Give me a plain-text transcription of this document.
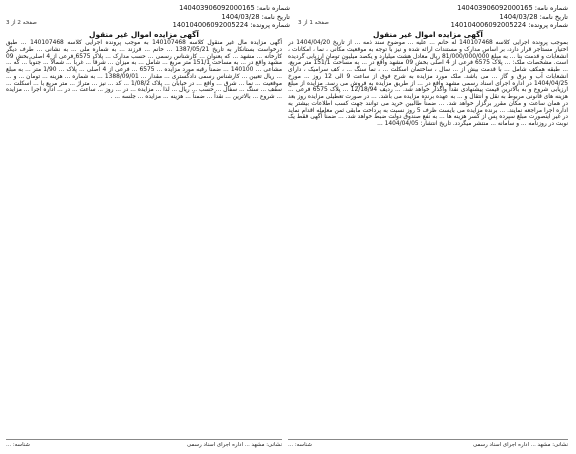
شماره نامه: 140403906092000165
تاریخ نامه: 1404/03/28
شماره پرونده: 140104006092005224
صفحه 1 از 3
شماره نامه: 140403906092000165
تاریخ نامه: 1404/03/28
شماره پرونده: 140104006092005224
صفحه 2 از 3
آگهی مزایده اموال غیر منقول

بموجب پرونده اجرایی کلاسه 140107468 له خانم ... علیه ... موضوع سند ذمه ... از تاریخ 1404/04/20 در اختیار مستاجر قرار دارد، بر اساس مدارک و مستندات ارائه شده و نیز با توجه به موقعیت مکانی ، نما ، امکانات ، انشعابات و قدمت بنا ... به مبلغ 81/000/000/000 ریال معادل هشت میلیارد و یکصد میلیون تومان ارزیابی گردیده است. مشخصات ملک: ... پلاک 6575 فرعی از 4 اصلی بخش 09 مشهد واقع در ... به مساحت 151/1 متر مربع، ... طبقه همکف شامل ... با قدمت بیش از ... سال ، ساختمان اسکلت ... ، نما سنگ ... ، کف سرامیک ، دارای انشعابات آب و برق و گاز ... می باشد. ملک مورد مزایده به شرح فوق از ساعت 9 الی 12 روز ... مورخ 1404/04/25 در اداره اجرای اسناد رسمی مشهد واقع در ... از طریق مزایده به فروش می رسد. مزایده از مبلغ ارزیابی شروع و به بالاترین قیمت پیشنهادی نقداً واگذار خواهد شد. ... ردیف 12/18/94 ... پلاک 6575 فرعی ... هزینه های قانونی مربوط به نقل و انتقال و ... به عهده برنده مزایده می باشد. ... در صورت تعطیلی مزایده روز بعد در همان ساعت و مکان مقرر برگزار خواهد شد. ... ضمناً طالبین خرید می توانند جهت کسب اطلاعات بیشتر به اداره اجرا مراجعه نمایند. ... برنده مزایده می بایست ظرف 5 روز نسبت به پرداخت مابقی ثمن معامله اقدام نماید در غیر اینصورت مبلغ سپرده پس از کسر هزینه ها ... به نفع صندوق دولت ضبط خواهد شد. ... ضمناً آگهی فقط یک نوبت در روزنامه ... و سامانه ... منتشر میگردد. تاریخ انتشار: 1404/04/05 ...

آگهی مزایده اموال غیر منقول

آگهی مزایده مال غیر منقول کلاسه 140107468 به موجب پرونده اجرایی کلاسه 140107468 ... طبق درخواست بستانکار به تاریخ 1387/05/21 ... خانم ... فرزند ... به شماره ملی ... به نشانی ... طرف دیگر کارخانه ... مشهد ... که بعنوان ... کارشناس رسمی ... حسب مدارک ... پلاک 6575 فرعی از 4 اصلی بخش 09 مشهد واقع در ... به مساحت 151/1 متر مربع ... شامل ... به میزان ... شرقاً ... غرباً ... شمالاً ... جنوباً ... که ... مشاعی ... 140100 ... ضمناً رقبه مورد مزایده ... 6575 ... فرعی از 4 اصلی ... پلاک ... 1/90 متر ... به مبلغ ... ریال تعیین ... کارشناس رسمی دادگستری ... مقدار ... 1388/09/01 ... به شماره ... هزینه ... تومان ... و ... موقعیت ... نما ... شرق ... واقع ... در خیابان ... پلاک 1/08/2 ... کد ... نیز ... متراژ ... متر مربع با ... اسکلت ... سقف ... سنگ ... سفال ... حسب ... ریال ... لذا ... مزایده ... در ... روز ... ساعت ... در ... اداره اجرا ... مزایده ... شروع ... بالاترین ... نقداً ... ضمناً ... هزینه ... مزایده ... جلسه ... .

نشانی: مشهد ... اداره اجرای اسناد رسمی
شناسه: ...
نشانی: مشهد ... اداره اجرای اسناد رسمی
شناسه: ...
